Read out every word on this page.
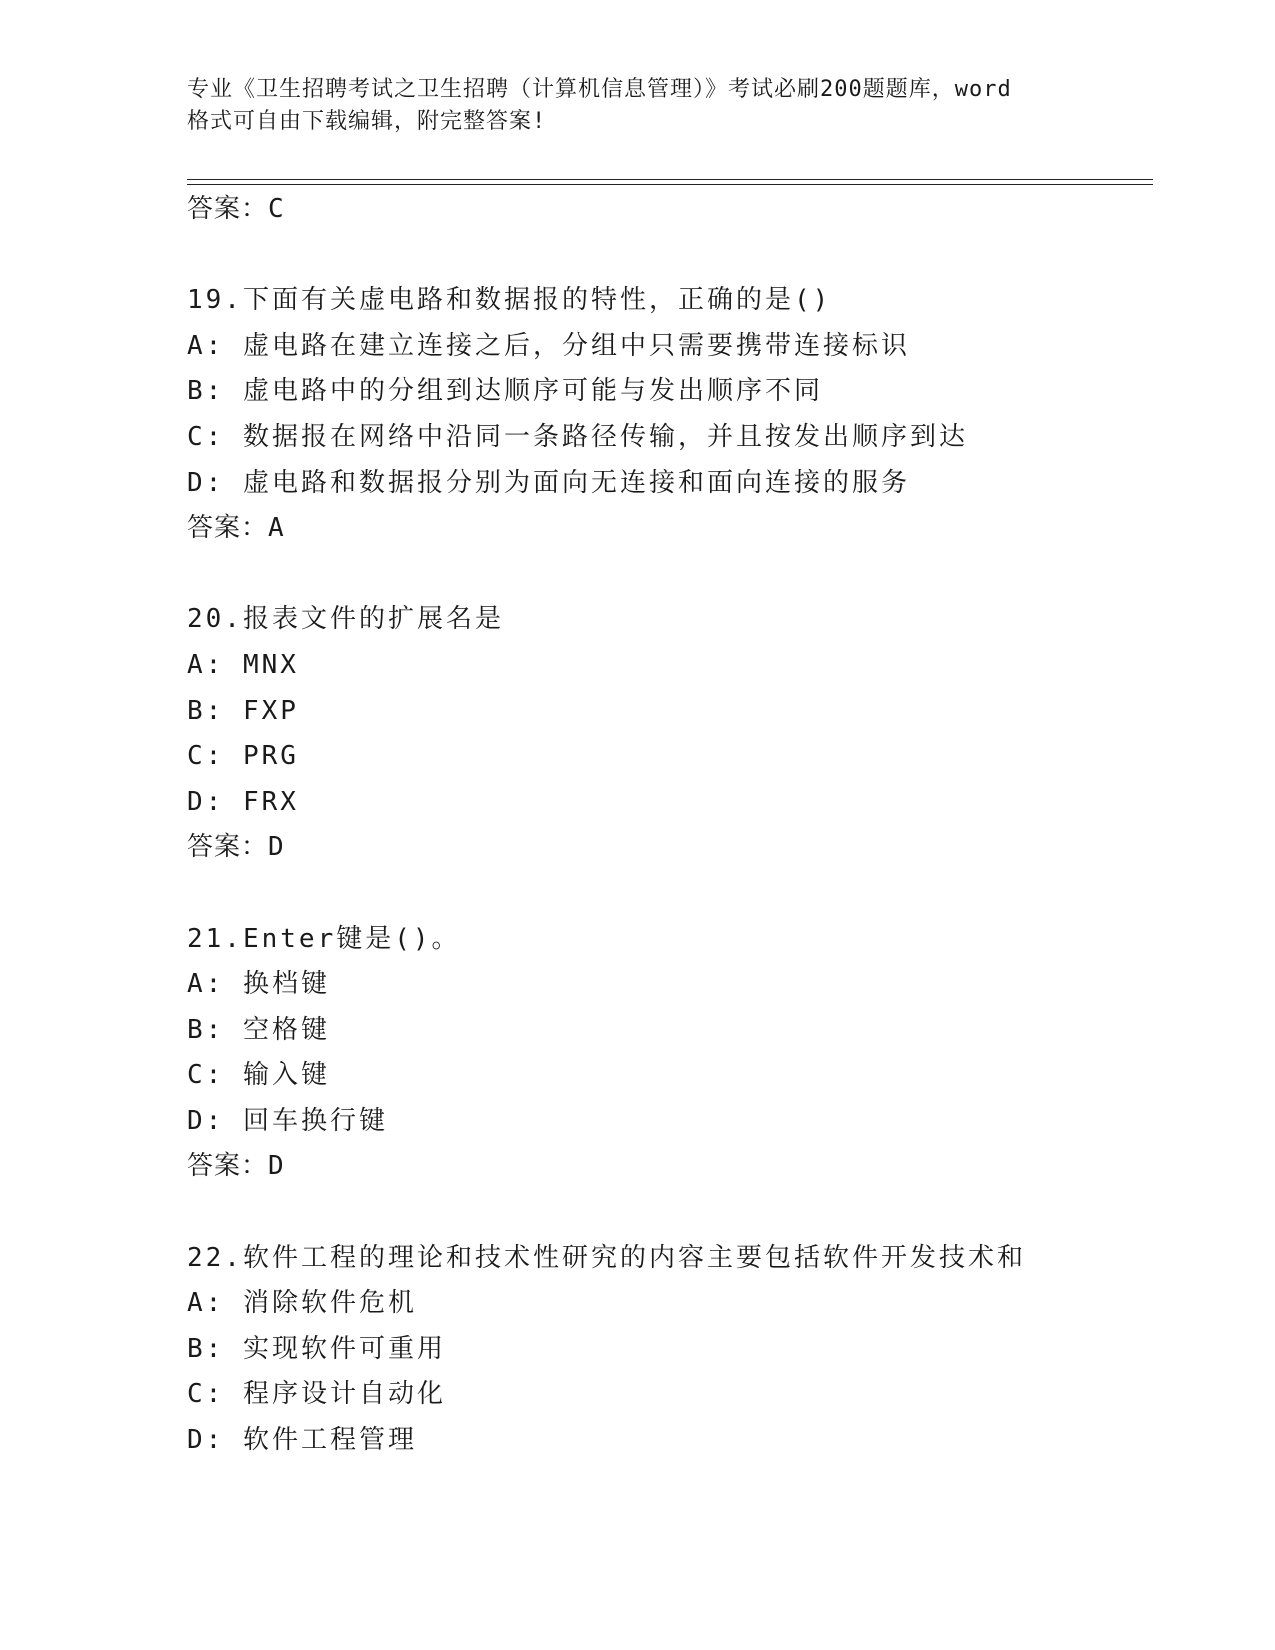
专业《卫生招聘考试之卫生招聘（计算机信息管理）》考试必刷200题题库，word
格式可自由下载编辑，附完整答案!
答案：C
19.下面有关虚电路和数据报的特性，正确的是()
A: 虚电路在建立连接之后，分组中只需要携带连接标识
B: 虚电路中的分组到达顺序可能与发出顺序不同
C: 数据报在网络中沿同一条路径传输，并且按发出顺序到达
D: 虚电路和数据报分别为面向无连接和面向连接的服务
答案：A
20.报表文件的扩展名是
A: MNX
B: FXP
C: PRG
D: FRX
答案：D
21.Enter键是()。
A: 换档键
B: 空格键
C: 输入键
D: 回车换行键
答案：D
22.软件工程的理论和技术性研究的内容主要包括软件开发技术和
A: 消除软件危机
B: 实现软件可重用
C: 程序设计自动化
D: 软件工程管理
